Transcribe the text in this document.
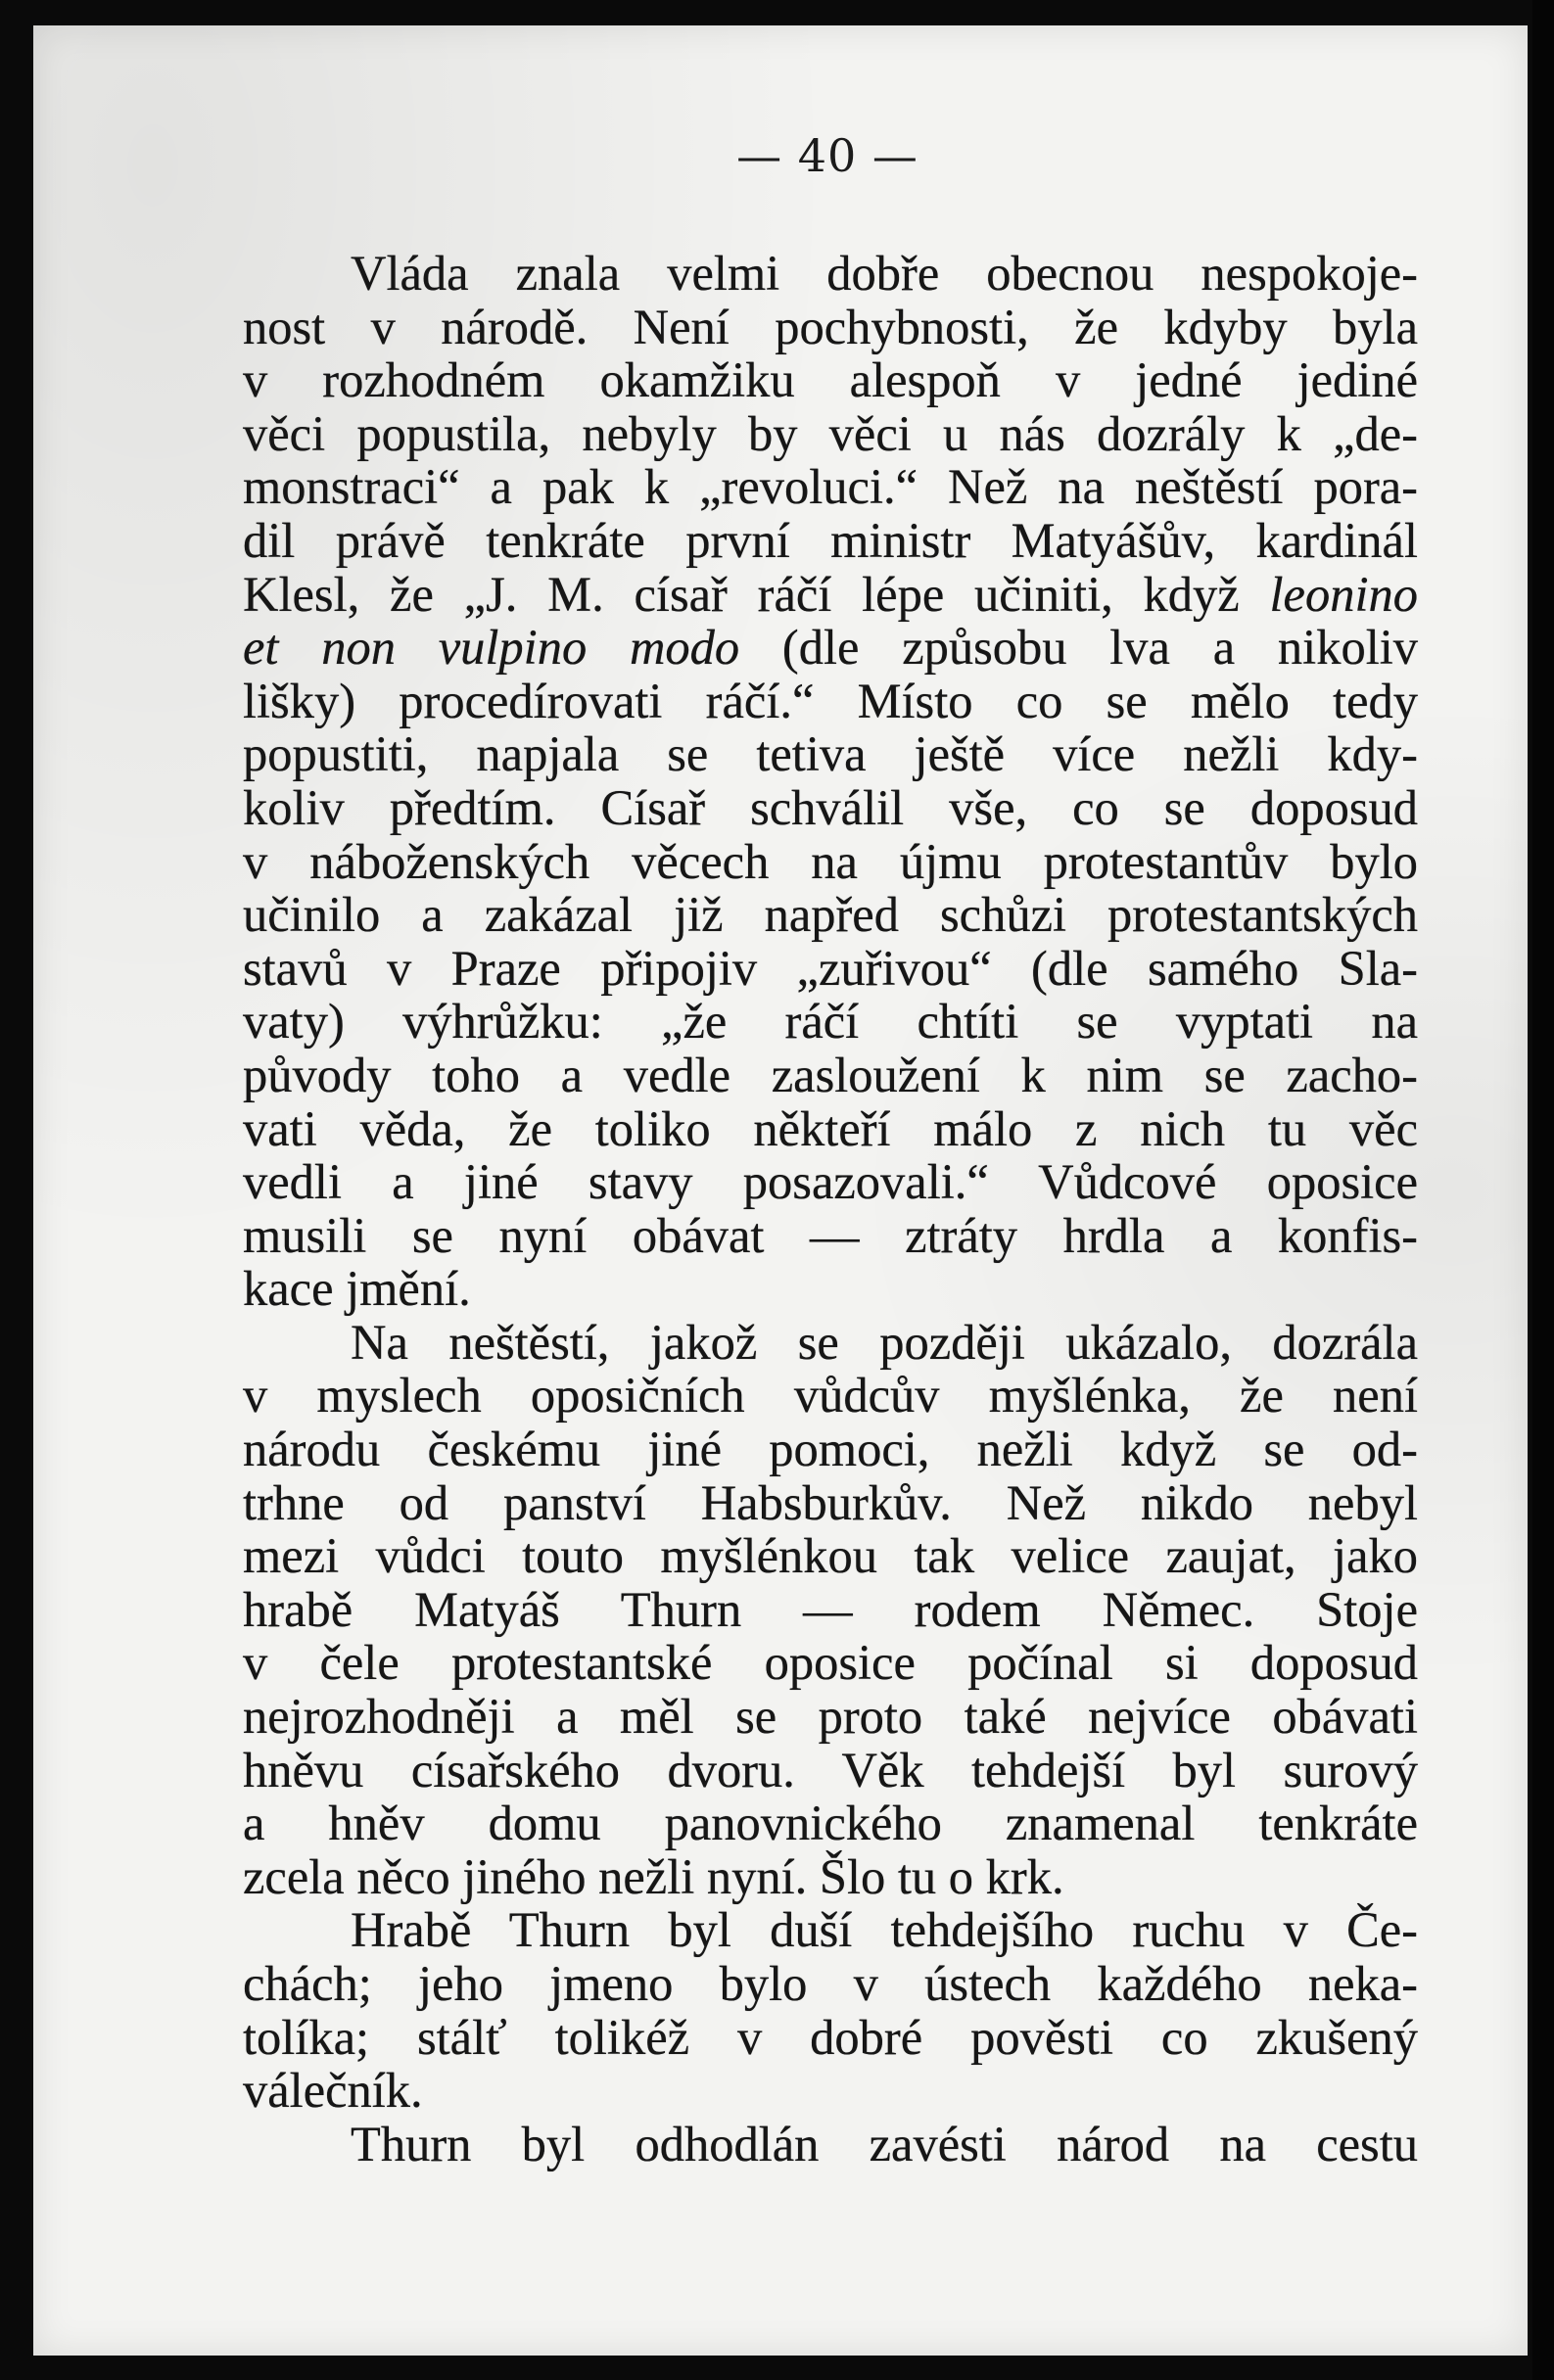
— 40 —
Vláda znala velmi dobře obecnou nespokoje-
nost v národě. Není pochybnosti, že kdyby byla
v rozhodném okamžiku alespoň v jedné jediné
věci popustila, nebyly by věci u nás dozrály k „de-
monstraci“ a pak k „revoluci.“ Než na neštěstí pora-
dil právě tenkráte první ministr Matyášův, kardinál
Klesl, že „J. M. císař ráčí lépe učiniti, když leonino
et non vulpino modo (dle způsobu lva a nikoliv
lišky) procedírovati ráčí.“ Místo co se mělo tedy
popustiti, napjala se tetiva ještě více nežli kdy-
koliv předtím. Císař schválil vše, co se doposud
v náboženských věcech na újmu protestantův bylo
učinilo a zakázal již napřed schůzi protestantských
stavů v Praze připojiv „zuřivou“ (dle samého Sla-
vaty) výhrůžku: „že ráčí chtíti se vyptati na
původy toho a vedle zasloužení k nim se zacho-
vati věda, že toliko někteří málo z nich tu věc
vedli a jiné stavy posazovali.“ Vůdcové oposice
musili se nyní obávat — ztráty hrdla a konfis-
kace jmění.
Na neštěstí, jakož se později ukázalo, dozrála
v myslech oposičních vůdcův myšlénka, že není
národu českému jiné pomoci, nežli když se od-
trhne od panství Habsburkův. Než nikdo nebyl
mezi vůdci touto myšlénkou tak velice zaujat, jako
hrabě Matyáš Thurn — rodem Němec. Stoje
v čele protestantské oposice počínal si doposud
nejrozhodněji a měl se proto také nejvíce obávati
hněvu císařského dvoru. Věk tehdejší byl surový
a hněv domu panovnického znamenal tenkráte
zcela něco jiného nežli nyní. Šlo tu o krk.
Hrabě Thurn byl duší tehdejšího ruchu v Če-
chách; jeho jmeno bylo v ústech každého neka-
tolíka; stálť tolikéž v dobré pověsti co zkušený
válečník.
Thurn byl odhodlán zavésti národ na cestu
